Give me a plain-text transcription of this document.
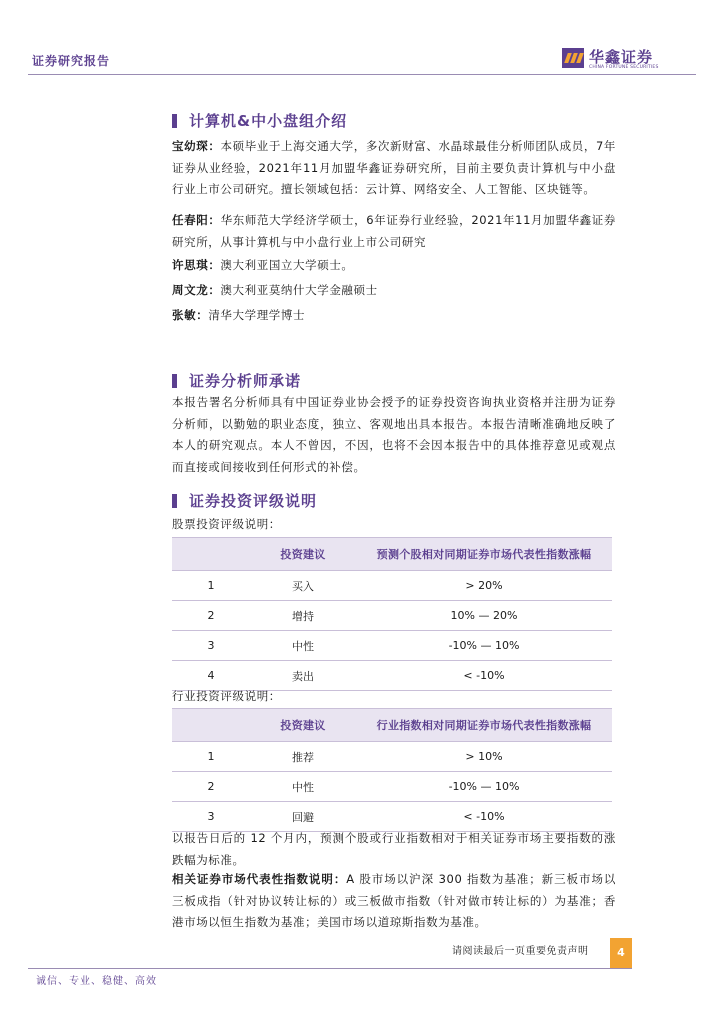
证券研究报告	华鑫证券
CHINA FORTUNE SECURITIES
计算机&中小盘组介绍
宝幼琛：本硕毕业于上海交通大学，多次新财富、水晶球最佳分析师团队成员，7年证券从业经验，2021年11月加盟华鑫证券研究所，目前主要负责计算机与中小盘行业上市公司研究。擅长领域包括：云计算、网络安全、人工智能、区块链等。
任春阳：华东师范大学经济学硕士，6年证券行业经验，2021年11月加盟华鑫证券研究所，从事计算机与中小盘行业上市公司研究
许思琪：澳大利亚国立大学硕士。
周文龙：澳大利亚莫纳什大学金融硕士
张敏：清华大学理学博士
证券分析师承诺
本报告署名分析师具有中国证券业协会授予的证券投资咨询执业资格并注册为证券分析师，以勤勉的职业态度，独立、客观地出具本报告。本报告清晰准确地反映了本人的研究观点。本人不曾因，不因，也将不会因本报告中的具体推荐意见或观点而直接或间接收到任何形式的补偿。
证券投资评级说明
股票投资评级说明：
	投资建议	预测个股相对同期证券市场代表性指数涨幅
1	买入	> 20%
2	增持	10% — 20%
3	中性	-10% — 10%
4	卖出	< -10%
行业投资评级说明：
	投资建议	行业指数相对同期证券市场代表性指数涨幅
1	推荐	> 10%
2	中性	-10% — 10%
3	回避	< -10%
以报告日后的 12 个月内，预测个股或行业指数相对于相关证券市场主要指数的涨跌幅为标准。
相关证券市场代表性指数说明：A 股市场以沪深 300 指数为基准；新三板市场以三板成指（针对协议转让标的）或三板做市指数（针对做市转让标的）为基准；香港市场以恒生指数为基准；美国市场以道琼斯指数为基准。
请阅读最后一页重要免责声明	4
诚信、专业、稳健、高效
